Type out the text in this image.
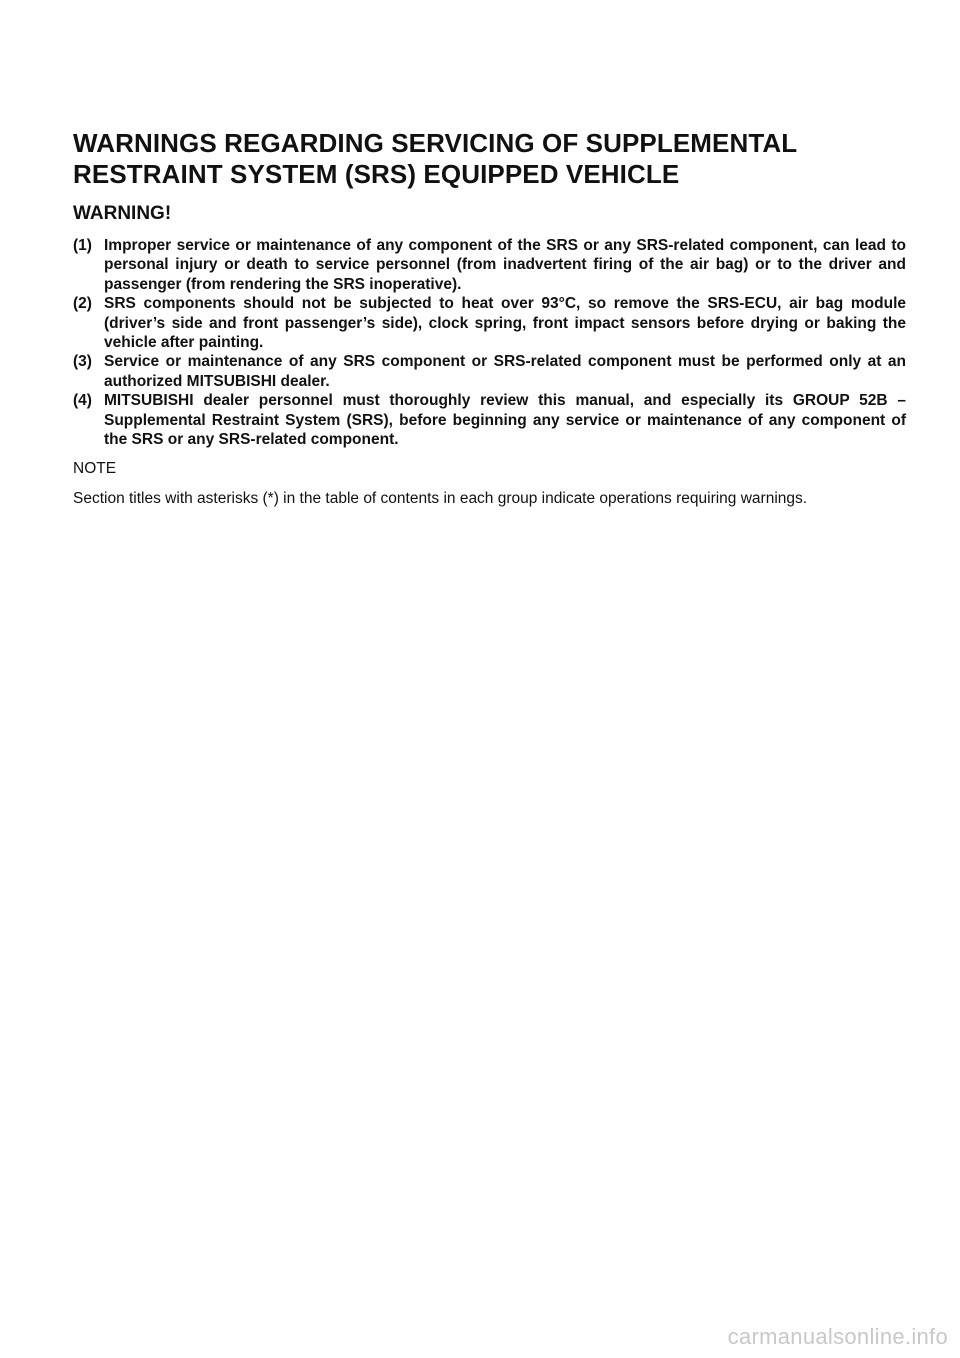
WARNINGS REGARDING SERVICING OF SUPPLEMENTAL
RESTRAINT SYSTEM (SRS) EQUIPPED VEHICLE
WARNING!
(1) Improper service or maintenance of any component of the SRS or any SRS-related component, can lead to personal injury or death to service personnel (from inadvertent firing of the air bag) or to the driver and passenger (from rendering the SRS inoperative).
(2) SRS components should not be subjected to heat over 93°C, so remove the SRS-ECU, air bag module (driver’s side and front passenger’s side), clock spring, front impact sensors before drying or baking the vehicle after painting.
(3) Service or maintenance of any SRS component or SRS-related component must be performed only at an authorized MITSUBISHI dealer.
(4) MITSUBISHI dealer personnel must thoroughly review this manual, and especially its GROUP 52B – Supplemental Restraint System (SRS), before beginning any service or maintenance of any component of the SRS or any SRS-related component.

NOTE

Section titles with asterisks (*) in the table of contents in each group indicate operations requiring warnings.

carmanualsonline.info
